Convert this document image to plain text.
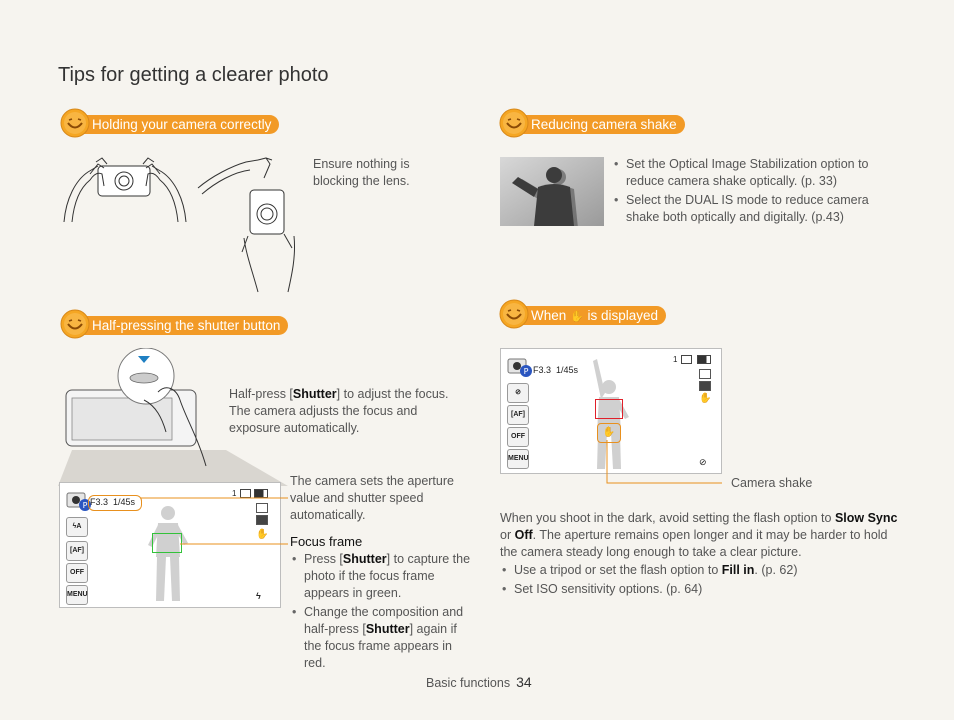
Tips for getting a clearer photo
Holding your camera correctly
Ensure nothing is blocking the lens.
Reducing camera shake
• Set the Optical Image Stabilization option to reduce camera shake optically. (p. 33)
• Select the DUAL IS mode to reduce camera shake both optically and digitally. (p.43)
Half-pressing the shutter button
Half-press [Shutter] to adjust the focus. The camera adjusts the focus and exposure automatically.
P F3.3 1/45s
1
✋
ϟ
ϟA
[AF]
OFF
MENU
The camera sets the aperture value and shutter speed automatically.
Focus frame
• Press [Shutter] to capture the photo if the focus frame appears in green.
• Change the composition and half-press [Shutter] again if the focus frame appears in red.
When ✋ is displayed
P F3.3 1/45s
1
✋
⊘
⊘
[AF]
OFF
MENU
✋
Camera shake
When you shoot in the dark, avoid setting the flash option to Slow Sync or Off. The aperture remains open longer and it may be harder to hold the camera steady long enough to take a clear picture.
• Use a tripod or set the flash option to Fill in. (p. 62)
• Set ISO sensitivity options. (p. 64)
Basic functions 34
